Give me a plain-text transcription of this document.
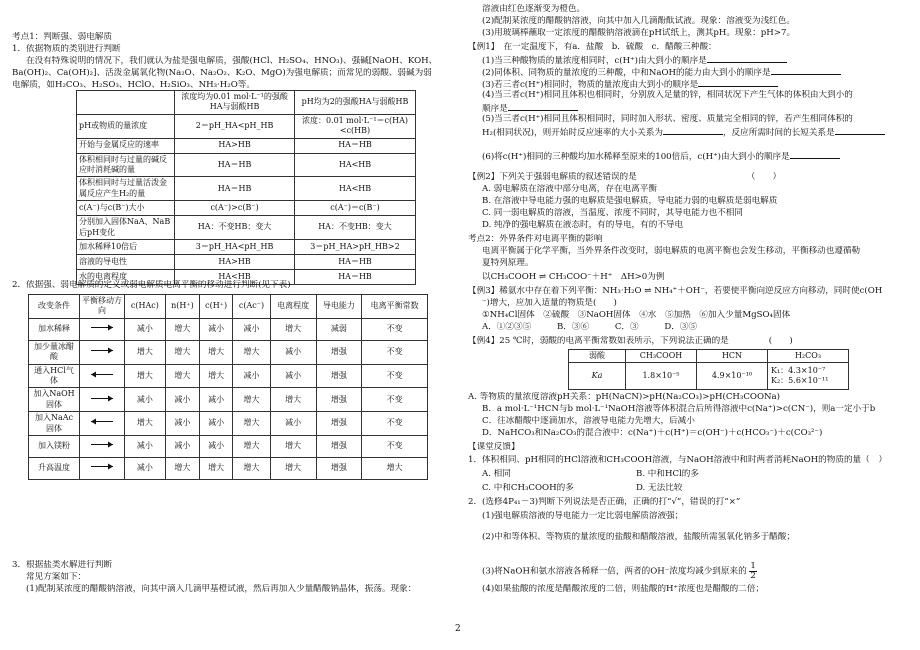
考点1：判断强、弱电解质
1．依据物质的类别进行判断
在没有特殊说明的情况下，我们就认为盐是强电解质，强酸(HCl、H₂SO₄、HNO₃)、强碱[NaOH、KOH、
Ba(OH)₂、Ca(OH)₂]、活泼金属氧化物(Na₂O、Na₂O₂、K₂O、MgO)为强电解质；而常见的弱酸、弱碱为弱
电解质，如H₂CO₃、H₂SO₃、HClO、H₂SiO₃、NH₃·H₂O等。
	浓度均为0.01 mol·L⁻¹的强酸HA与弱酸HB	pH均为2的强酸HA与弱酸HB
pH或物质的量浓度	2＝pH_HA<pH_HB	浓度：0.01 mol·L⁻¹＝c(HA)<c(HB)
开始与金属反应的速率	HA>HB	HA＝HB
体积相同时与过量的碱反应时消耗碱的量	HA＝HB	HA<HB
体积相同时与过量活泼金属反应产生H₂的量	HA＝HB	HA<HB
c(A⁻)与c(B⁻)大小	c(A⁻)>c(B⁻)	c(A⁻)＝c(B⁻)
分别加入固体NaA、NaB后pH变化	HA：不变HB：变大	HA：不变HB：变大
加水稀释10倍后	3＝pH_HA<pH_HB	3＝pH_HA>pH_HB>2
溶液的导电性	HA>HB	HA＝HB
水的电离程度	HA<HB	HA＝HB
2．依据强、弱电解质的定义或弱电解质电离平衡的移动进行判断(见下表)
改变条件	平衡移动方向	c(HAc)	n(H⁺)	c(H⁺)	c(Ac⁻)	电离程度	导电能力	电离平衡常数
加水稀释		减小	增大	减小	减小	增大	减弱	不变
加少量冰醋酸		增大	增大	增大	增大	减小	增强	不变
通入HCl气体		增大	增大	增大	减小	减小	增强	不变
加入NaOH固体		减小	减小	减小	增大	增大	增强	不变
加入NaAc固体		增大	减小	减小	增大	减小	增强	不变
加入镁粉		减小	减小	减小	增大	增大	增强	不变
升高温度		减小	增大	增大	增大	增大	增强	增大
3．根据盐类水解进行判断
常见方案如下：
(1)配制某浓度的醋酸钠溶液，向其中滴入几滴甲基橙试液，然后再加入少量醋酸钠晶体，振荡。现象：
溶液由红色逐渐变为橙色。
(2)配制某浓度的醋酸钠溶液，向其中加入几滴酚酞试液。现象：溶液变为浅红色。
(3)用玻璃棒蘸取一定浓度的醋酸钠溶液滴在pH试纸上，测其pH。现象：pH>7。
【例1】　在一定温度下，有a．盐酸　b．硫酸　c．醋酸三种酸：
(1)当三种酸物质的量浓度相同时，c(H⁺)由大到小的顺序是
(2)同体积、同物质的量浓度的三种酸，中和NaOH的能力由大到小的顺序是
(3)若三者c(H⁺)相同时，物质的量浓度由大到小的顺序是
(4)当三者c(H⁺)相同且体积也相同时，分别放入足量的锌，相同状况下产生气体的体积由大到小的
顺序是
(5)当三者c(H⁺)相同且体积相同时，同时加入形状、密度、质量完全相同的锌，若产生相同体积的
H₂(相同状况)，则开始时反应速率的大小关系为	，反应所需时间的长短关系是
(6)将c(H⁺)相同的三种酸均加水稀释至原来的100倍后，c(H⁺)由大到小的顺序是
【例2】下列关于强弱电解质的叙述错误的是	（　　）
A. 弱电解质在溶液中部分电离，存在电离平衡
B. 在溶液中导电能力强的电解质是强电解质，导电能力弱的电解质是弱电解质
C. 同一弱电解质的溶液，当温度、浓度不同时，其导电能力也不相同
D. 纯净的强电解质在液态时，有的导电，有的不导电
考点2：外界条件对电离平衡的影响
电离平衡属于化学平衡，当外界条件改变时，弱电解质的电离平衡也会发生移动，平衡移动也遵循勒
夏特列原理。
以CH₃COOH ⇌ CH₃COO⁻＋H⁺　ΔH>0为例
【例3】稀氨水中存在着下列平衡：NH₃·H₂O ⇌ NH₄⁺＋OH⁻，若要使平衡向逆反应方向移动，同时使c(OH
⁻)增大，应加入适量的物质是(　　)
①NH₄Cl固体　②硫酸　③NaOH固体　④水　⑤加热　⑥加入少量MgSO₄固体
A．①②③⑤　　　B．③⑥　　　C．③　　　D．③⑤
【例4】25 ℃时，弱酸的电离平衡常数如表所示，下列说法正确的是	(　　)
弱酸	CH₃COOH	HCN	H₂CO₃
Ka	1.8×10⁻⁵	4.9×10⁻¹⁰	K₁：4.3×10⁻⁷
K₂：5.6×10⁻¹¹
A. 等物质的量浓度溶液pH关系：pH(NaCN)>pH(Na₂CO₃)>pH(CH₃COONa)
B．a mol·L⁻¹HCN与b mol·L⁻¹NaOH溶液等体积混合后所得溶液中c(Na⁺)>c(CN⁻)，则a一定小于b
C．往冰醋酸中逐滴加水，溶液导电能力先增大，后减小
D．NaHCO₃和Na₂CO₃的混合液中：c(Na⁺)＋c(H⁺)＝c(OH⁻)＋c(HCO₃⁻)＋c(CO₃²⁻)
【课堂反馈】
1．体积相同、pH相同的HCl溶液和CH₃COOH溶液，与NaOH溶液中和时两者消耗NaOH的物质的量（　）
A. 相同	B. 中和HCl的多
C. 中和CH₃COOH的多	D. 无法比较
2．(选修4P₄₁－3)判断下列说法是否正确，正确的打“√”，错误的打“×”
(1)强电解质溶液的导电能力一定比弱电解质溶液强；
(2)中和等体积、等物质的量浓度的盐酸和醋酸溶液，盐酸所需氢氧化钠多于醋酸；
(3)将NaOH和氨水溶液各稀释一倍，两者的OH⁻浓度均减少到原来的 $\frac{1}{2}$
(4)如果盐酸的浓度是醋酸浓度的二倍，则盐酸的H⁺浓度也是醋酸的二倍；
2
